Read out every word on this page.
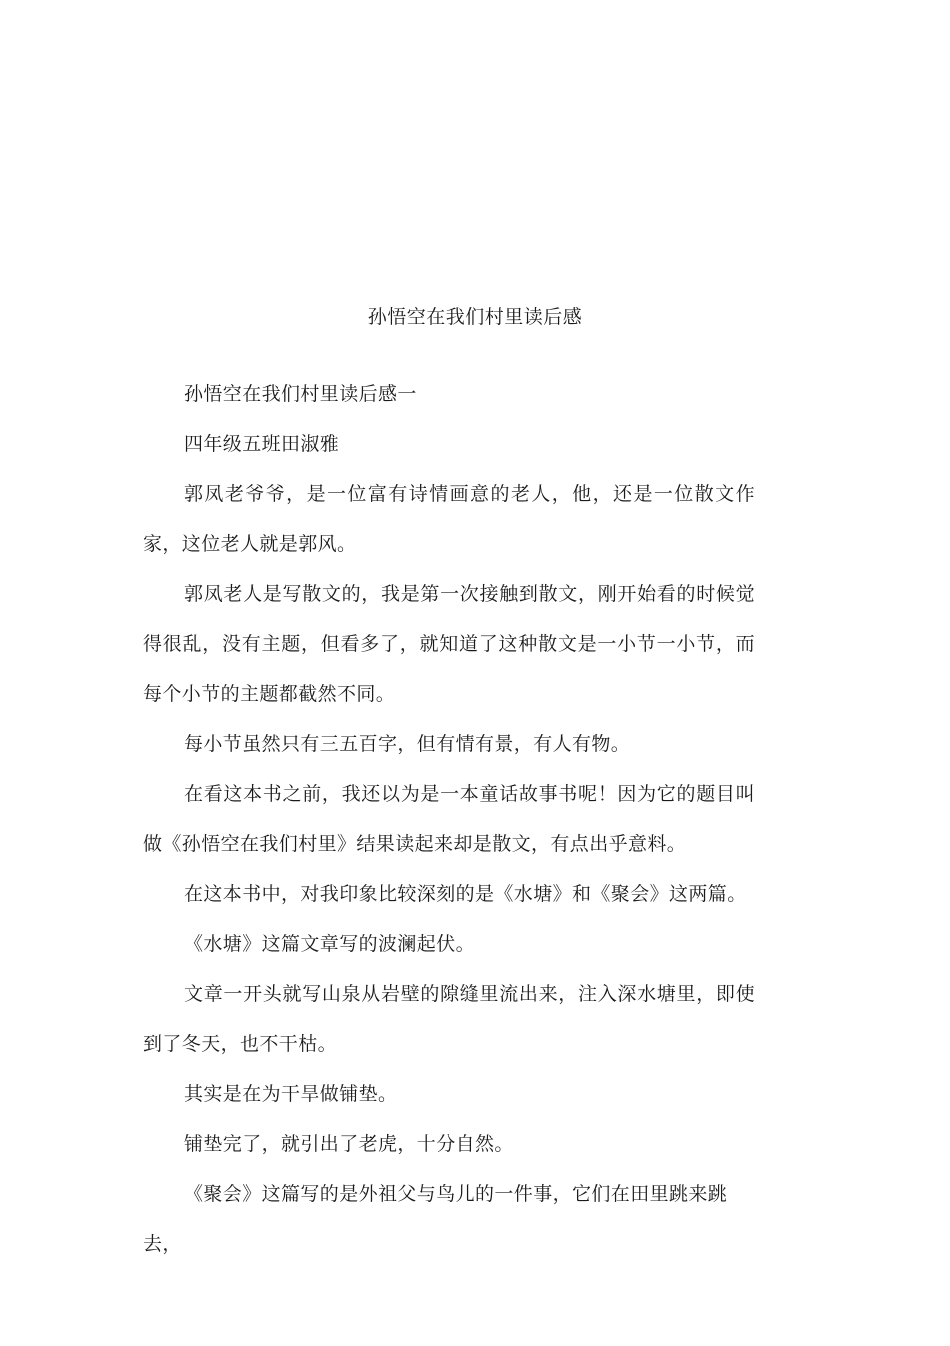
孙悟空在我们村里读后感

孙悟空在我们村里读后感一

四年级五班田淑雅

郭凤老爷爷，是一位富有诗情画意的老人，他，还是一位散文作家，这位老人就是郭风。

郭凤老人是写散文的，我是第一次接触到散文，刚开始看的时候觉得很乱，没有主题，但看多了，就知道了这种散文是一小节一小节，而每个小节的主题都截然不同。

每小节虽然只有三五百字，但有情有景，有人有物。

在看这本书之前，我还以为是一本童话故事书呢！因为它的题目叫做《孙悟空在我们村里》结果读起来却是散文，有点出乎意料。

在这本书中，对我印象比较深刻的是《水塘》和《聚会》这两篇。

《水塘》这篇文章写的波澜起伏。

文章一开头就写山泉从岩壁的隙缝里流出来，注入深水塘里，即使到了冬天，也不干枯。

其实是在为干旱做铺垫。

铺垫完了，就引出了老虎，十分自然。

《聚会》这篇写的是外祖父与鸟儿的一件事，它们在田里跳来跳去，
